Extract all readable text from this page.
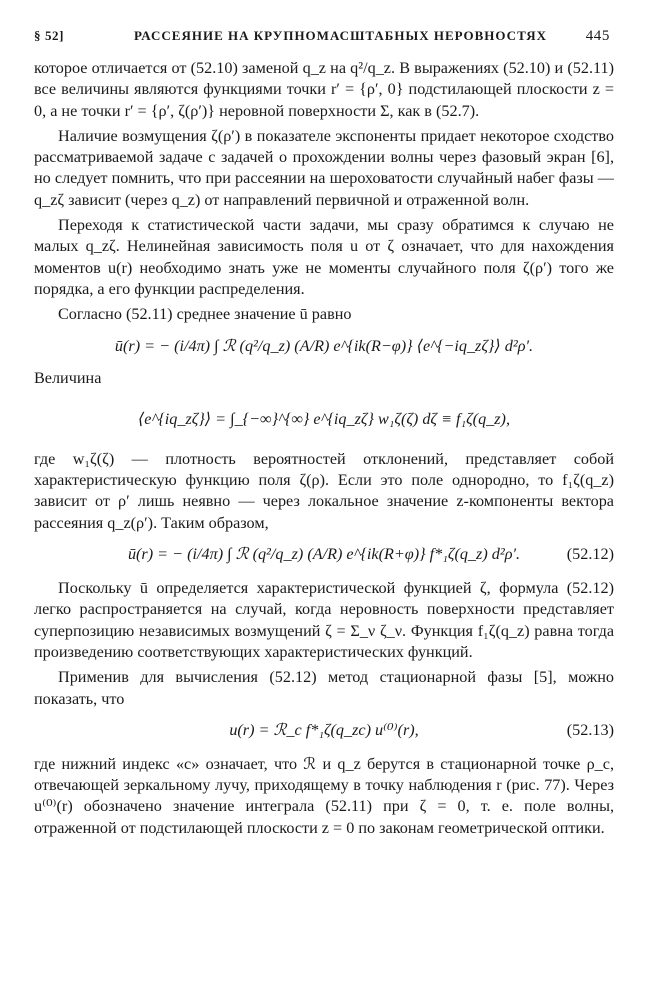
§ 52]	РАССЕЯНИЕ НА КРУПНОМАСШТАБНЫХ НЕРОВНОСТЯХ	445

которое отличается от (52.10) заменой q_z на q²/q_z. В выражениях (52.10) и (52.11) все величины являются функциями точки r′ = {ρ′, 0} подстилающей плоскости z = 0, а не точки r′ = {ρ′, ζ(ρ′)} неровной поверхности Σ, как в (52.7).

Наличие возмущения ζ(ρ′) в показателе экспоненты придает некоторое сходство рассматриваемой задаче с задачей о прохождении волны через фазовый экран [6], но следует помнить, что при рассеянии на шероховатости случайный набег фазы — q_zζ зависит (через q_z) от направлений первичной и отраженной волн.

Переходя к статистической части задачи, мы сразу обратимся к случаю не малых q_zζ. Нелинейная зависимость поля u от ζ означает, что для нахождения моментов u(r) необходимо знать уже не моменты случайного поля ζ(ρ′) того же порядка, а его функции распределения.

Согласно (52.11) среднее значение ū равно

ū(r) = − (i/4π) ∫ ℛ (q²/q_z) (A/R) e^{ik(R−φ)} ⟨e^{−iq_zζ}⟩ d²ρ′.

Величина

⟨e^{iq_zζ}⟩ = ∫_{−∞}^{∞} e^{iq_zζ} w₁ζ(ζ) dζ ≡ f₁ζ(q_z),

где w₁ζ(ζ) — плотность вероятностей отклонений, представляет собой характеристическую функцию поля ζ(ρ). Если это поле однородно, то f₁ζ(q_z) зависит от ρ′ лишь неявно — через локальное значение z-компоненты вектора рассеяния q_z(ρ′). Таким образом,

ū(r) = − (i/4π) ∫ ℛ (q²/q_z) (A/R) e^{ik(R+φ)} f*₁ζ(q_z) d²ρ′.	(52.12)

Поскольку ū определяется характеристической функцией ζ, формула (52.12) легко распространяется на случай, когда неровность поверхности представляет суперпозицию независимых возмущений ζ = Σ_ν ζ_ν. Функция f₁ζ(q_z) равна тогда произведению соответствующих характеристических функций.

Применив для вычисления (52.12) метод стационарной фазы [5], можно показать, что

u(r) = ℛ_c f*₁ζ(q_zc) u⁽⁰⁾(r),	(52.13)

где нижний индекс «с» означает, что ℛ и q_z берутся в стационарной точке ρ_c, отвечающей зеркальному лучу, приходящему в точку наблюдения r (рис. 77). Через u⁽⁰⁾(r) обозначено значение интеграла (52.11) при ζ = 0, т. е. поле волны, отраженной от подстилающей плоскости z = 0 по законам геометрической оптики.
